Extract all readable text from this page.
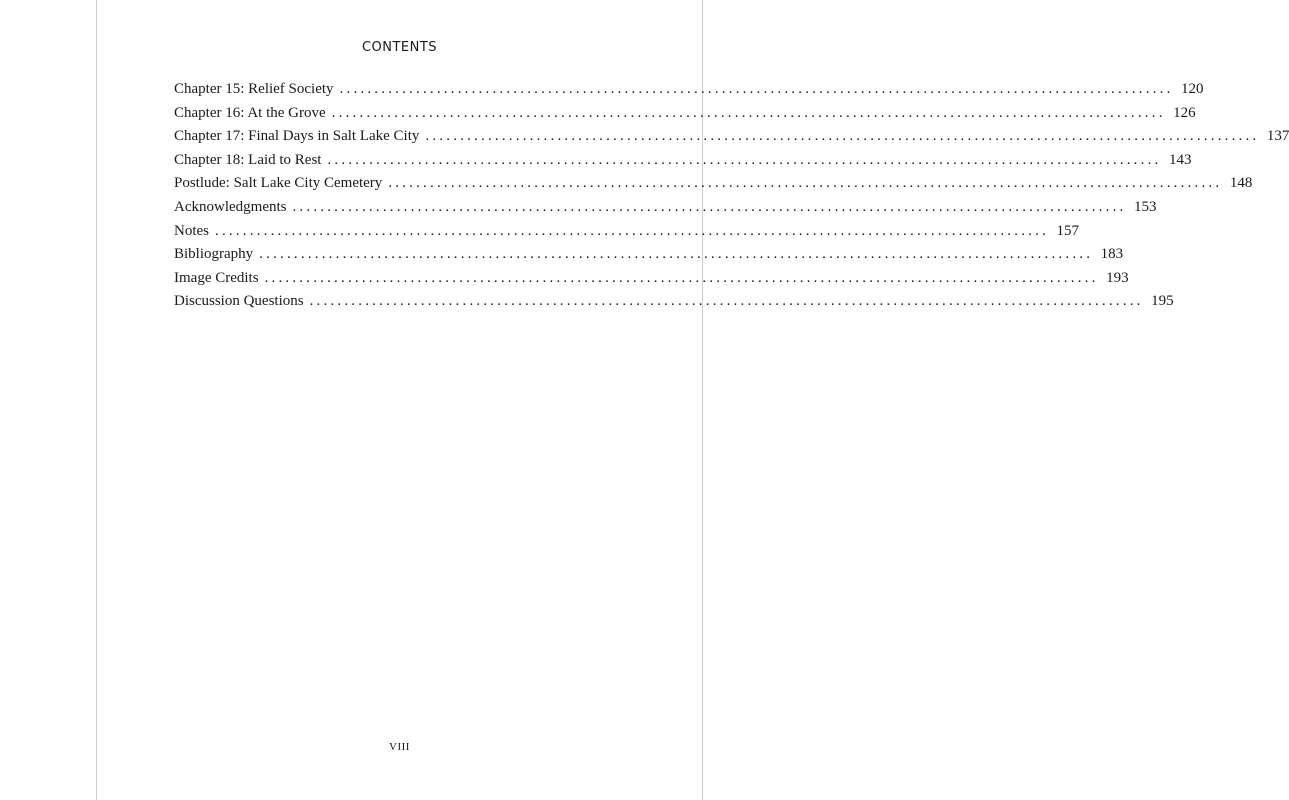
CONTENTS
Chapter 15: Relief Society ........................................................................................................................ 120
Chapter 16: At the Grove ........................................................................................................................ 126
Chapter 17: Final Days in Salt Lake City ........................................................................................................................ 137
Chapter 18: Laid to Rest ........................................................................................................................ 143
Postlude: Salt Lake City Cemetery ........................................................................................................................ 148
Acknowledgments ........................................................................................................................ 153
Notes ........................................................................................................................ 157
Bibliography ........................................................................................................................ 183
Image Credits ........................................................................................................................ 193
Discussion Questions ........................................................................................................................ 195
VIII
